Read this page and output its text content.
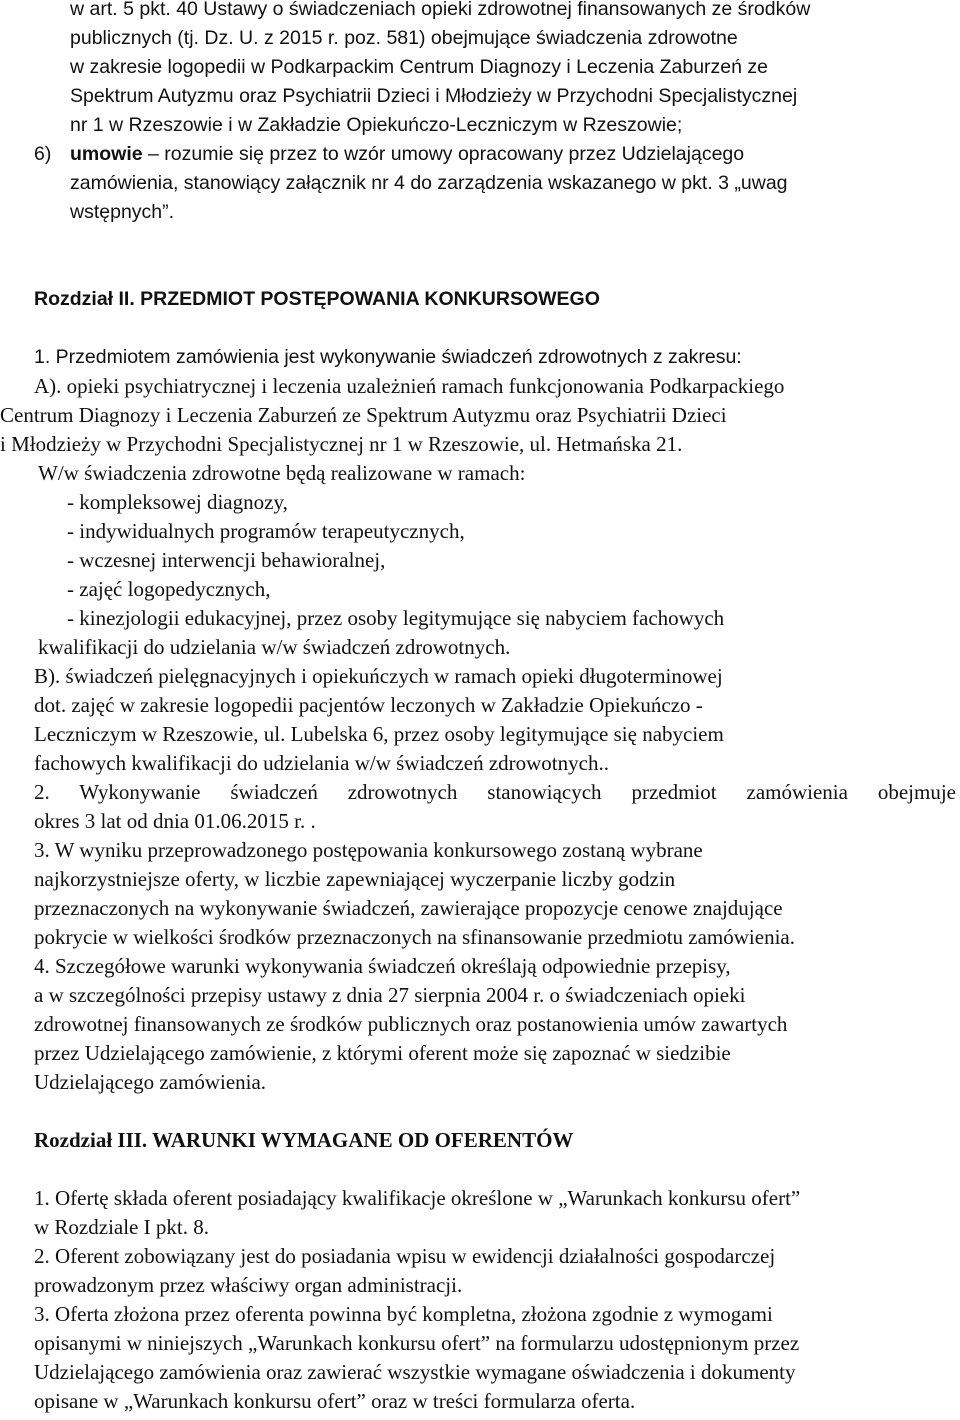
w art. 5 pkt. 40 Ustawy o świadczeniach opieki zdrowotnej finansowanych ze środków

publicznych (tj. Dz. U. z 2015 r. poz. 581) obejmujące świadczenia zdrowotne

w zakresie logopedii w Podkarpackim Centrum Diagnozy i Leczenia Zaburzeń ze

Spektrum Autyzmu oraz Psychiatrii Dzieci i Młodzieży w Przychodni Specjalistycznej

nr 1 w Rzeszowie i w Zakładzie Opiekuńczo-Leczniczym w Rzeszowie;

6) umowie – rozumie się przez to wzór umowy opracowany przez Udzielającego

zamówienia, stanowiący załącznik nr 4 do zarządzenia wskazanego w pkt. 3 „uwag

wstępnych”.

Rozdział II. PRZEDMIOT POSTĘPOWANIA KONKURSOWEGO

1. Przedmiotem zamówienia jest wykonywanie świadczeń zdrowotnych z zakresu:

A). opieki psychiatrycznej i leczenia uzależnień ramach funkcjonowania Podkarpackiego

Centrum Diagnozy i Leczenia Zaburzeń ze Spektrum Autyzmu oraz Psychiatrii Dzieci

i Młodzieży w Przychodni Specjalistycznej nr 1 w Rzeszowie, ul. Hetmańska 21.

W/w świadczenia zdrowotne będą realizowane w ramach:

- kompleksowej diagnozy,

- indywidualnych programów terapeutycznych,

- wczesnej interwencji behawioralnej,

- zajęć logopedycznych,

- kinezjologii edukacyjnej, przez osoby legitymujące się nabyciem fachowych

kwalifikacji do udzielania w/w świadczeń zdrowotnych.

B). świadczeń pielęgnacyjnych i opiekuńczych w ramach opieki długoterminowej

dot. zajęć w zakresie logopedii pacjentów leczonych w Zakładzie Opiekuńczo -

Leczniczym w Rzeszowie, ul. Lubelska 6, przez osoby legitymujące się nabyciem

fachowych kwalifikacji do udzielania w/w świadczeń zdrowotnych..

2. Wykonywanie świadczeń zdrowotnych stanowiących przedmiot zamówienia obejmuje

okres 3 lat od dnia 01.06.2015 r. .

3. W wyniku przeprowadzonego postępowania konkursowego zostaną wybrane

najkorzystniejsze oferty, w liczbie zapewniającej wyczerpanie liczby godzin

przeznaczonych na wykonywanie świadczeń, zawierające propozycje cenowe znajdujące

pokrycie w wielkości środków przeznaczonych na sfinansowanie przedmiotu zamówienia.

4. Szczegółowe warunki wykonywania świadczeń określają odpowiednie przepisy,

a w szczególności przepisy ustawy z dnia 27 sierpnia 2004 r. o świadczeniach opieki

zdrowotnej finansowanych ze środków publicznych oraz postanowienia umów zawartych

przez Udzielającego zamówienie, z którymi oferent może się zapoznać w siedzibie

Udzielającego zamówienia.

Rozdział III. WARUNKI WYMAGANE OD OFERENTÓW

1. Ofertę składa oferent posiadający kwalifikacje określone w „Warunkach konkursu ofert”

w Rozdziale I pkt. 8.

2. Oferent zobowiązany jest do posiadania wpisu w ewidencji działalności gospodarczej

prowadzonym przez właściwy organ administracji.

3. Oferta złożona przez oferenta powinna być kompletna, złożona zgodnie z wymogami

opisanymi w niniejszych „Warunkach konkursu ofert” na formularzu udostępnionym przez

Udzielającego zamówienia oraz zawierać wszystkie wymagane oświadczenia i dokumenty

opisane w „Warunkach konkursu ofert” oraz w treści formularza oferta.
